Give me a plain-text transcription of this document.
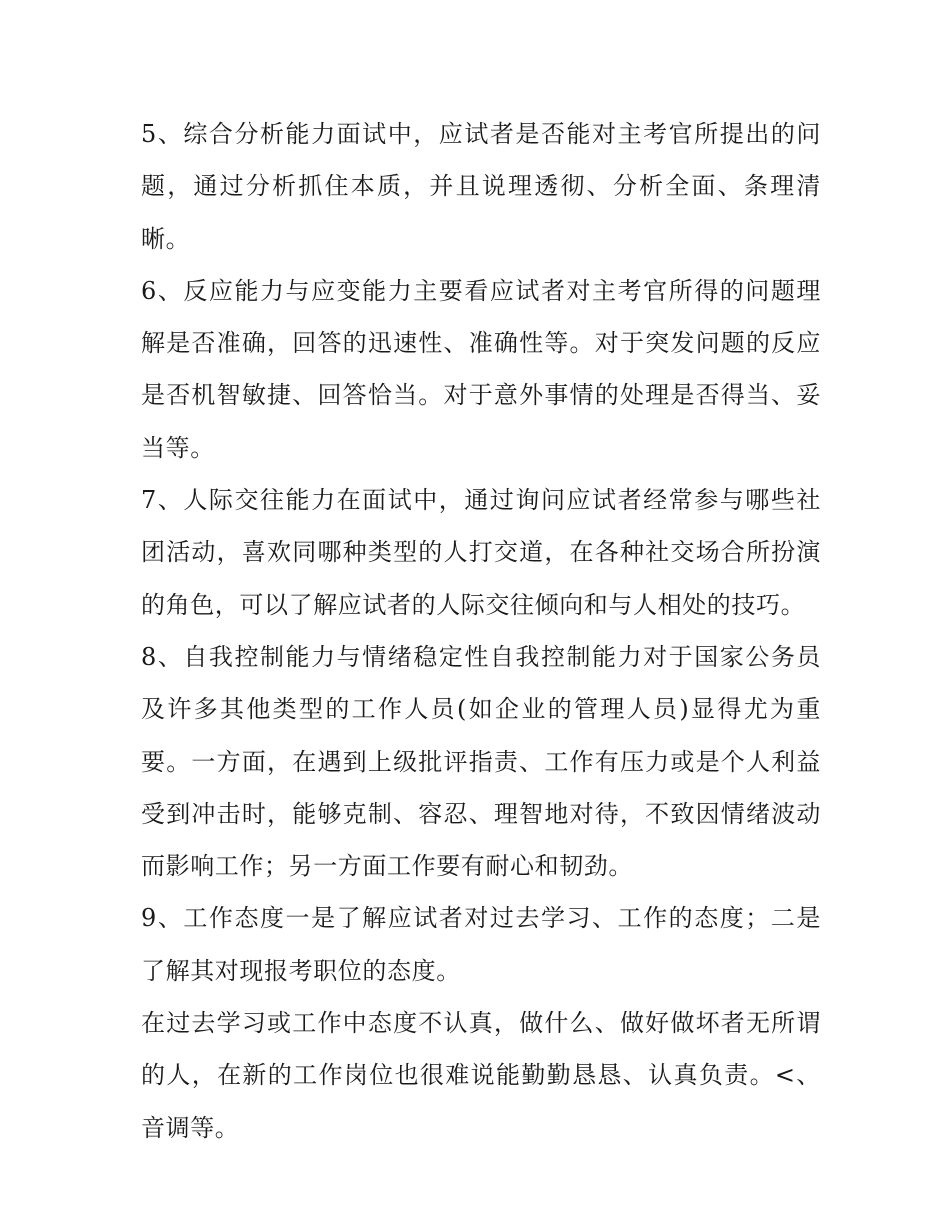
5、综合分析能力面试中，应试者是否能对主考官所提出的问题，通过分析抓住本质，并且说理透彻、分析全面、条理清晰。

6、反应能力与应变能力主要看应试者对主考官所得的问题理解是否准确，回答的迅速性、准确性等。对于突发问题的反应是否机智敏捷、回答恰当。对于意外事情的处理是否得当、妥当等。

7、人际交往能力在面试中，通过询问应试者经常参与哪些社团活动，喜欢同哪种类型的人打交道，在各种社交场合所扮演的角色，可以了解应试者的人际交往倾向和与人相处的技巧。

8、自我控制能力与情绪稳定性自我控制能力对于国家公务员及许多其他类型的工作人员(如企业的管理人员)显得尤为重要。一方面，在遇到上级批评指责、工作有压力或是个人利益受到冲击时，能够克制、容忍、理智地对待，不致因情绪波动而影响工作；另一方面工作要有耐心和韧劲。

9、工作态度一是了解应试者对过去学习、工作的态度；二是了解其对现报考职位的态度。

在过去学习或工作中态度不认真，做什么、做好做坏者无所谓的人，在新的工作岗位也很难说能勤勤恳恳、认真负责。<、音调等。
